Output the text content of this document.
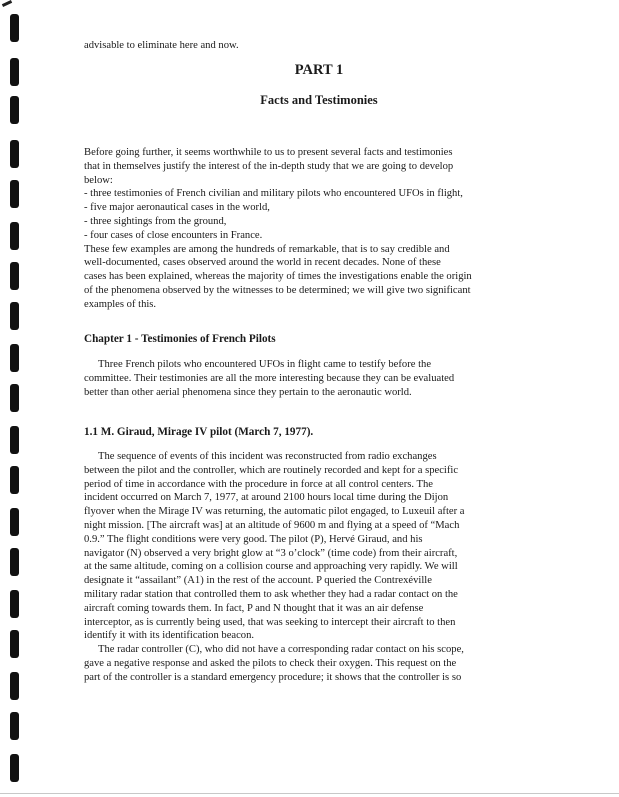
advisable to eliminate here and now.
PART 1
Facts and Testimonies
Before going further, it seems worthwhile to us to present several facts and testimonies
that in themselves justify the interest of the in-depth study that we are going to develop
below:
- three testimonies of French civilian and military pilots who encountered UFOs in flight,
- five major aeronautical cases in the world,
- three sightings from the ground,
- four cases of close encounters in France.
These few examples are among the hundreds of remarkable, that is to say credible and
well-documented, cases observed around the world in recent decades. None of these
cases has been explained, whereas the majority of times the investigations enable the origin
of the phenomena observed by the witnesses to be determined; we will give two significant
examples of this.
Chapter 1 - Testimonies of French Pilots
Three French pilots who encountered UFOs in flight came to testify before the
committee. Their testimonies are all the more interesting because they can be evaluated
better than other aerial phenomena since they pertain to the aeronautic world.
1.1 M. Giraud, Mirage IV pilot (March 7, 1977).
The sequence of events of this incident was reconstructed from radio exchanges
between the pilot and the controller, which are routinely recorded and kept for a specific
period of time in accordance with the procedure in force at all control centers. The
incident occurred on March 7, 1977, at around 2100 hours local time during the Dijon
flyover when the Mirage IV was returning, the automatic pilot engaged, to Luxeuil after a
night mission. [The aircraft was] at an altitude of 9600 m and flying at a speed of “Mach
0.9.” The flight conditions were very good. The pilot (P), Hervé Giraud, and his
navigator (N) observed a very bright glow at “3 o’clock” (time code) from their aircraft,
at the same altitude, coming on a collision course and approaching very rapidly. We will
designate it “assailant” (A1) in the rest of the account. P queried the Contrexéville
military radar station that controlled them to ask whether they had a radar contact on the
aircraft coming towards them. In fact, P and N thought that it was an air defense
interceptor, as is currently being used, that was seeking to intercept their aircraft to then
identify it with its identification beacon.
The radar controller (C), who did not have a corresponding radar contact on his scope,
gave a negative response and asked the pilots to check their oxygen. This request on the
part of the controller is a standard emergency procedure; it shows that the controller is so
